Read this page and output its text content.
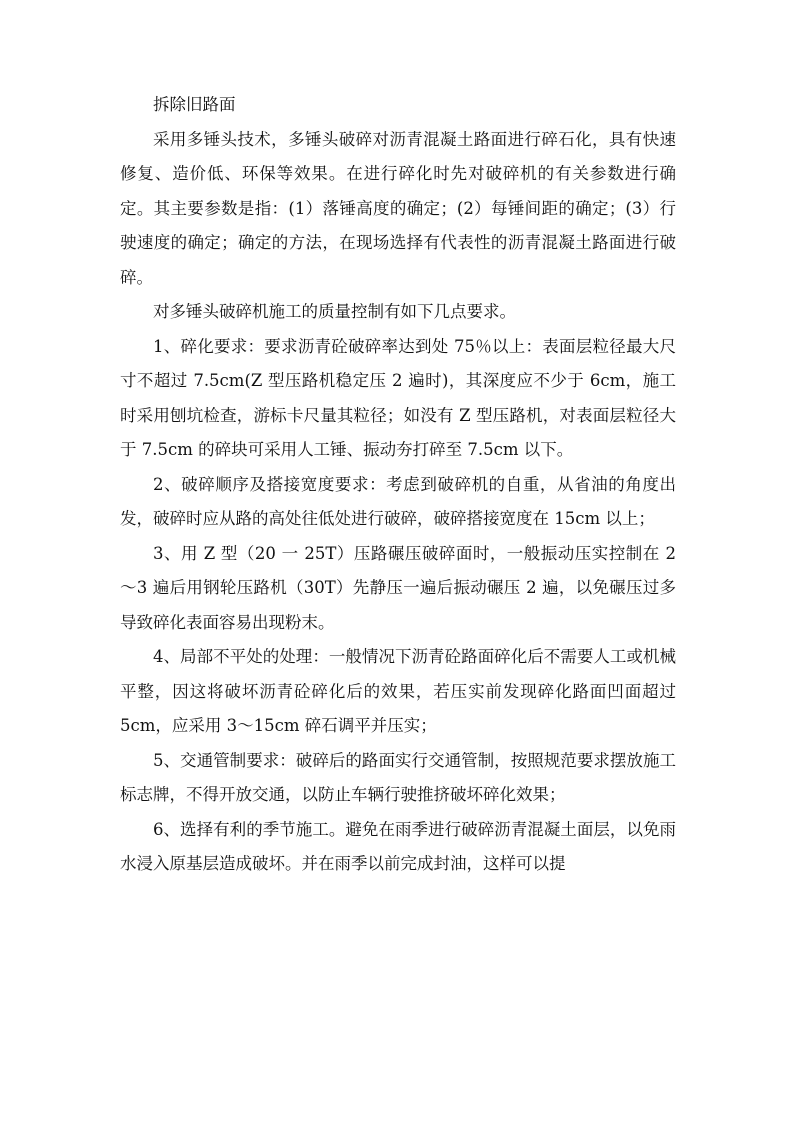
拆除旧路面

采用多锤头技术，多锤头破碎对沥青混凝土路面进行碎石化，具有快速修复、造价低、环保等效果。在进行碎化时先对破碎机的有关参数进行确定。其主要参数是指：(1）落锤高度的确定；(2）每锤间距的确定；(3）行驶速度的确定；确定的方法，在现场选择有代表性的沥青混凝土路面进行破碎。

对多锤头破碎机施工的质量控制有如下几点要求。

1、碎化要求：要求沥青砼破碎率达到处 75％以上：表面层粒径最大尺寸不超过 7.5cm(Z 型压路机稳定压 2 遍时)，其深度应不少于 6cm，施工时采用刨坑检查，游标卡尺量其粒径；如没有 Z 型压路机，对表面层粒径大于 7.5cm 的碎块可采用人工锤、振动夯打碎至 7.5cm 以下。

2、破碎顺序及搭接宽度要求：考虑到破碎机的自重，从省油的角度出发，破碎时应从路的高处往低处进行破碎，破碎搭接宽度在 15cm 以上；

3、用 Z 型（20 一 25T）压路碾压破碎面时，一般振动压实控制在 2～3 遍后用钢轮压路机（30T）先静压一遍后振动碾压 2 遍，以免碾压过多导致碎化表面容易出现粉末。

4、局部不平处的处理：一般情况下沥青砼路面碎化后不需要人工或机械平整，因这将破坏沥青砼碎化后的效果，若压实前发现碎化路面凹面超过 5cm，应采用 3～15cm 碎石调平并压实；

5、交通管制要求：破碎后的路面实行交通管制，按照规范要求摆放施工标志牌，不得开放交通，以防止车辆行驶推挤破坏碎化效果；

6、选择有利的季节施工。避免在雨季进行破碎沥青混凝土面层，以免雨水浸入原基层造成破坏。并在雨季以前完成封油，这样可以提
